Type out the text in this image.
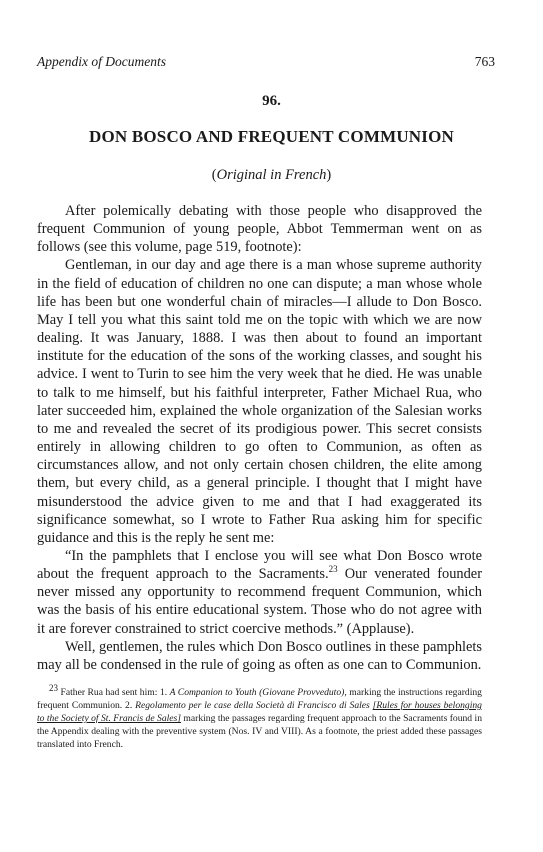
Appendix of Documents	763
96.
DON BOSCO AND FREQUENT COMMUNION
(Original in French)

After polemically debating with those people who disapproved the frequent Communion of young people, Abbot Temmerman went on as follows (see this volume, page 519, footnote):

Gentleman, in our day and age there is a man whose supreme authority in the field of education of children no one can dispute; a man whose whole life has been but one wonderful chain of miracles—I allude to Don Bosco. May I tell you what this saint told me on the topic with which we are now dealing. It was January, 1888. I was then about to found an important institute for the education of the sons of the working classes, and sought his advice. I went to Turin to see him the very week that he died. He was unable to talk to me himself, but his faithful interpreter, Father Michael Rua, who later succeeded him, explained the whole organization of the Salesian works to me and revealed the secret of its prodigious power. This secret consists entirely in allowing children to go often to Communion, as often as circumstances allow, and not only certain chosen children, the elite among them, but every child, as a general principle. I thought that I might have misunderstood the advice given to me and that I had exaggerated its significance somewhat, so I wrote to Father Rua asking him for specific guidance and this is the reply he sent me:

“In the pamphlets that I enclose you will see what Don Bosco wrote about the frequent approach to the Sacraments.$^{23}$ Our venerated founder never missed any opportunity to recommend frequent Communion, which was the basis of his entire educational system. Those who do not agree with it are forever constrained to strict coercive methods.” (Applause).

Well, gentlemen, the rules which Don Bosco outlines in these pamphlets may all be condensed in the rule of going as often as one can to Communion.

$^{23}$ Father Rua had sent him: 1. A Companion to Youth (Giovane Provveduto), marking the instructions regarding frequent Communion. 2. Regolamento per le case della Società di Francisco di Sales [Rules for houses belonging to the Society of St. Francis de Sales] marking the passages regarding frequent approach to the Sacraments found in the Appendix dealing with the preventive system (Nos. IV and VIII). As a footnote, the priest added these passages translated into French.
